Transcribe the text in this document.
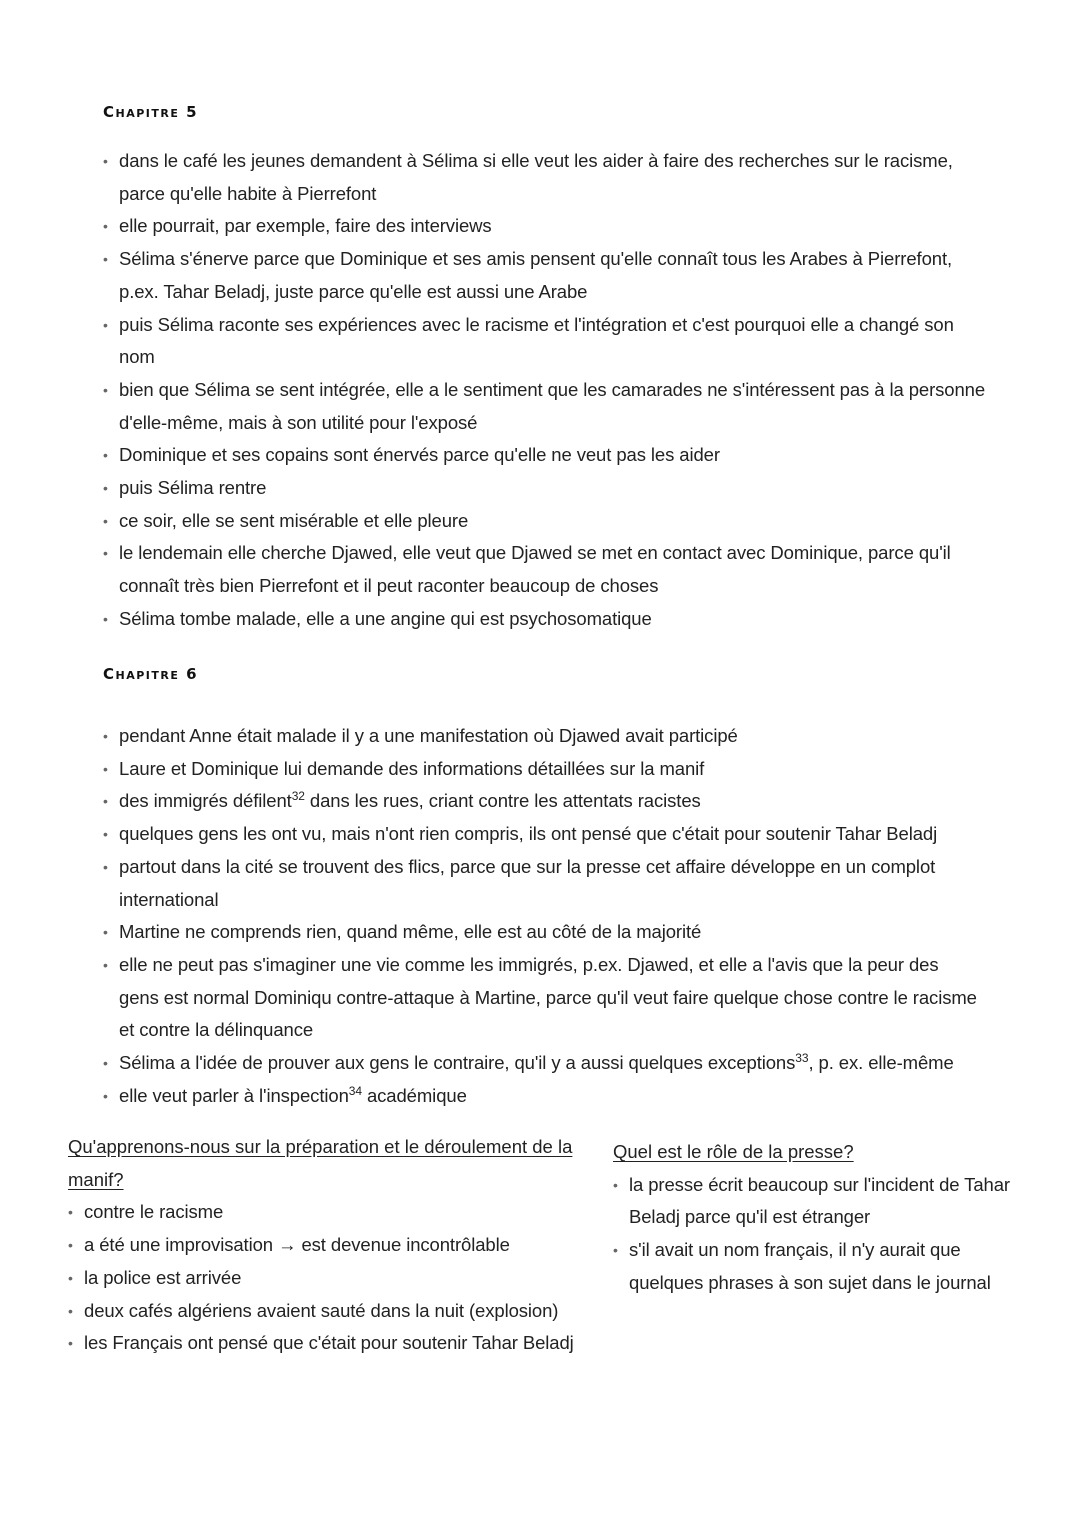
Chapitre 5
• dans le café les jeunes demandent à Sélima si elle veut les aider à faire des recherches sur le racisme, parce qu'elle habite à Pierrefont
• elle pourrait, par exemple, faire des interviews
• Sélima s'énerve parce que Dominique et ses amis pensent qu'elle connaît tous les Arabes à Pierrefont, p.ex. Tahar Beladj, juste parce qu'elle est aussi une Arabe
• puis Sélima raconte ses expériences avec le racisme et l'intégration et c'est pourquoi elle a changé son nom
• bien que Sélima se sent intégrée, elle a le sentiment que les camarades ne s'intéressent pas à la personne d'elle-même, mais à son utilité pour l'exposé
• Dominique et ses copains sont énervés parce qu'elle ne veut pas les aider
• puis Sélima rentre
• ce soir, elle se sent misérable et elle pleure
• le lendemain elle cherche Djawed, elle veut que Djawed se met en contact avec Dominique, parce qu'il connaît très bien Pierrefont et il peut raconter beaucoup de choses
• Sélima tombe malade, elle a une angine qui est psychosomatique
Chapitre 6
• pendant Anne était malade il y a une manifestation où Djawed avait participé
• Laure et Dominique lui demande des informations détaillées sur la manif
• des immigrés défilent$^{32}$ dans les rues, criant contre les attentats racistes
• quelques gens les ont vu, mais n'ont rien compris, ils ont pensé que c'était pour soutenir Tahar Beladj
• partout dans la cité se trouvent des flics, parce que sur la presse cet affaire développe en un complot international
• Martine ne comprends rien, quand même, elle est au côté de la majorité
• elle ne peut pas s'imaginer une vie comme les immigrés, p.ex. Djawed, et elle a l'avis que la peur des gens est normal Dominiqu contre-attaque à Martine, parce qu'il veut faire quelque chose contre le racisme et contre la délinquance
• Sélima a l'idée de prouver aux gens le contraire, qu'il y a aussi quelques exceptions$^{33}$, p. ex. elle-même
• elle veut parler à l'inspection$^{34}$ académique
Qu'apprenons-nous sur la préparation et le déroulement de la manif?
• contre le racisme
• a été une improvisation → est devenue incontrôlable
• la police est arrivée
• deux cafés algériens avaient sauté dans la nuit (explosion)
• les Français ont pensé que c'était pour soutenir Tahar Beladj
Quel est le rôle de la presse?
• la presse écrit beaucoup sur l'incident de Tahar Beladj parce qu'il est étranger
• s'il avait un nom français, il n'y aurait que quelques phrases à son sujet dans le journal
